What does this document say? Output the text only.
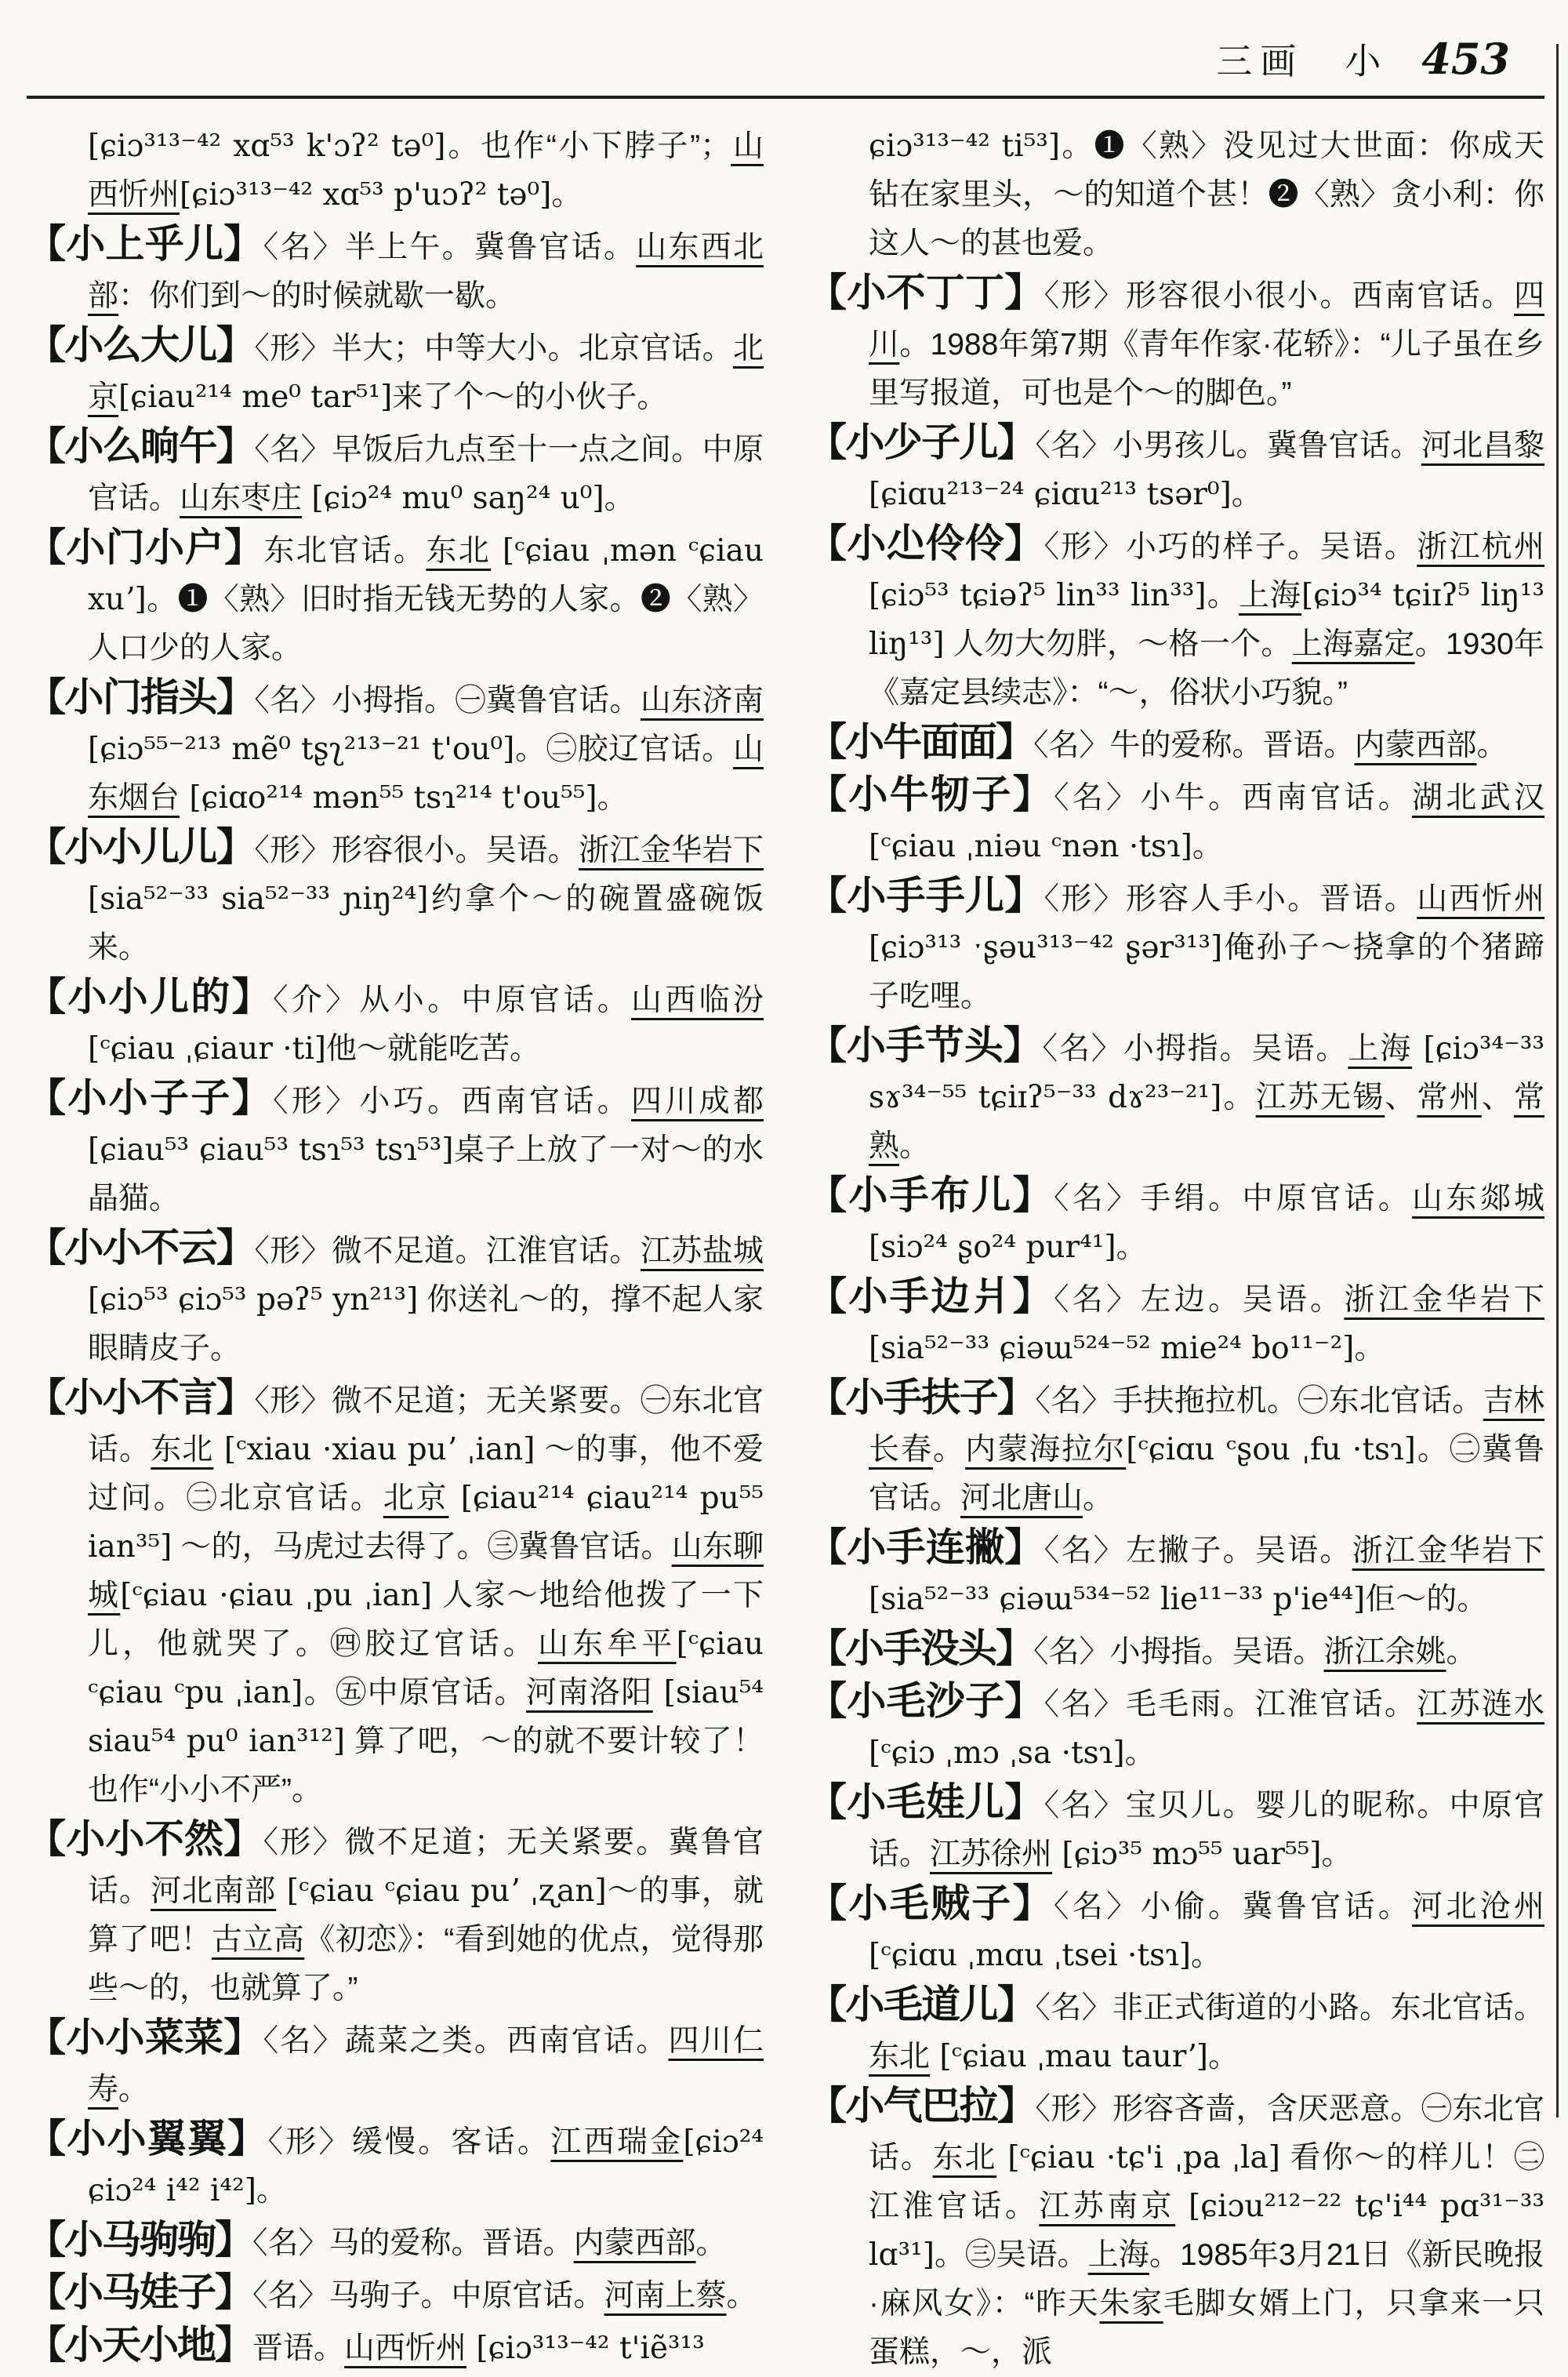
三画 小 453

[ɕiɔ³¹³⁻⁴² xɑ⁵³ k'ɔʔ² tə⁰]。也作“小下脖子”；山西忻州[ɕiɔ³¹³⁻⁴² xɑ⁵³ p'uɔʔ² tə⁰]。

【小上乎儿】〈名〉半上午。冀鲁官话。山东西北部：你们到～的时候就歇一歇。

【小么大儿】〈形〉半大；中等大小。北京官话。北京[ɕiau²¹⁴ me⁰ tar⁵¹]来了个～的小伙子。

【小么晌午】〈名〉早饭后九点至十一点之间。中原官话。山东枣庄 [ɕiɔ²⁴ mu⁰ saŋ²⁴ u⁰]。

【小门小户】东北官话。东北 [ᶜɕiau ˌmən ᶜɕiau xuʼ]。❶〈熟〉旧时指无钱无势的人家。❷〈熟〉人口少的人家。

【小门指头】〈名〉小拇指。㊀冀鲁官话。山东济南 [ɕiɔ⁵⁵⁻²¹³ mẽ⁰ tʂʅ²¹³⁻²¹ t'ou⁰]。㊁胶辽官话。山东烟台 [ɕiɑo²¹⁴ mən⁵⁵ tsɿ²¹⁴ t'ou⁵⁵]。

【小小儿儿】〈形〉形容很小。吴语。浙江金华岩下[sia⁵²⁻³³ sia⁵²⁻³³ ɲiŋ²⁴]约拿个～的碗置盛碗饭来。

【小小儿的】〈介〉从小。中原官话。山西临汾[ᶜɕiau ˌɕiaur ·ti]他～就能吃苦。

【小小子子】〈形〉小巧。西南官话。四川成都[ɕiau⁵³ ɕiau⁵³ tsɿ⁵³ tsɿ⁵³]桌子上放了一对～的水晶猫。

【小小不云】〈形〉微不足道。江淮官话。江苏盐城[ɕiɔ⁵³ ɕiɔ⁵³ pəʔ⁵ yn²¹³] 你送礼～的，撑不起人家眼睛皮子。

【小小不言】〈形〉微不足道；无关紧要。㊀东北官话。东北 [ᶜxiau ·xiau puʼ ˌian] ～的事，他不爱过问。㊁北京官话。北京 [ɕiau²¹⁴ ɕiau²¹⁴ pu⁵⁵ ian³⁵] ～的，马虎过去得了。㊂冀鲁官话。山东聊城[ᶜɕiau ·ɕiau ˌpu ˌian] 人家～地给他拨了一下儿，他就哭了。㊃胶辽官话。山东牟平[ᶜɕiau ᶜɕiau ᶜpu ˌian]。㊄中原官话。河南洛阳 [siau⁵⁴ siau⁵⁴ pu⁰ ian³¹²] 算了吧，～的就不要计较了！也作“小小不严”。

【小小不然】〈形〉微不足道；无关紧要。冀鲁官话。河北南部 [ᶜɕiau ᶜɕiau puʼ ˌʐan]～的事，就算了吧！古立高《初恋》：“看到她的优点，觉得那些～的，也就算了。”

【小小菜菜】〈名〉蔬菜之类。西南官话。四川仁寿。

【小小翼翼】〈形〉缓慢。客话。江西瑞金[ɕiɔ²⁴ ɕiɔ²⁴ i⁴² i⁴²]。

【小马驹驹】〈名〉马的爱称。晋语。内蒙西部。

【小马娃子】〈名〉马驹子。中原官话。河南上蔡。

【小天小地】晋语。山西忻州 [ɕiɔ³¹³⁻⁴² t'iẽ³¹³

ɕiɔ³¹³⁻⁴² ti⁵³]。❶〈熟〉没见过大世面：你成天钻在家里头，～的知道个甚！❷〈熟〉贪小利：你这人～的甚也爱。

【小不丁丁】〈形〉形容很小很小。西南官话。四川。1988年第7期《青年作家·花轿》：“儿子虽在乡里写报道，可也是个～的脚色。”

【小少子儿】〈名〉小男孩儿。冀鲁官话。河北昌黎 [ɕiɑu²¹³⁻²⁴ ɕiɑu²¹³ tsər⁰]。

【小尐伶伶】〈形〉小巧的样子。吴语。浙江杭州 [ɕiɔ⁵³ tɕiəʔ⁵ lin³³ lin³³]。上海[ɕiɔ³⁴ tɕiɪʔ⁵ liŋ¹³ liŋ¹³] 人勿大勿胖，～格一个。上海嘉定。1930年《嘉定县续志》：“～，俗状小巧貌。”

【小牛面面】〈名〉牛的爱称。晋语。内蒙西部。

【小牛牣子】〈名〉小牛。西南官话。湖北武汉 [ᶜɕiau ˌniəu ᶜnən ·tsɿ]。

【小手手儿】〈形〉形容人手小。晋语。山西忻州[ɕiɔ³¹³ ˑʂəu³¹³⁻⁴² ʂər³¹³]俺孙子～挠拿的个猪蹄子吃哩。

【小手节头】〈名〉小拇指。吴语。上海 [ɕiɔ³⁴⁻³³ sɤ³⁴⁻⁵⁵ tɕiɪʔ⁵⁻³³ dɤ²³⁻²¹]。江苏无锡、常州、常熟。

【小手布儿】〈名〉手绢。中原官话。山东郯城 [siɔ²⁴ ʂo²⁴ pur⁴¹]。

【小手边爿】〈名〉左边。吴语。浙江金华岩下 [sia⁵²⁻³³ ɕiəɯ⁵²⁴⁻⁵² mie²⁴ bo¹¹⁻²]。

【小手扶子】〈名〉手扶拖拉机。㊀东北官话。吉林长春。内蒙海拉尔[ᶜɕiɑu ᶜʂou ˌfu ·tsɿ]。㊁冀鲁官话。河北唐山。

【小手连撇】〈名〉左撇子。吴语。浙江金华岩下 [sia⁵²⁻³³ ɕiəɯ⁵³⁴⁻⁵² lie¹¹⁻³³ p'ie⁴⁴]佢～的。

【小手没头】〈名〉小拇指。吴语。浙江余姚。

【小毛沙子】〈名〉毛毛雨。江淮官话。江苏涟水[ᶜɕiɔ ˌmɔ ˌsa ·tsɿ]。

【小毛娃儿】〈名〉宝贝儿。婴儿的昵称。中原官话。江苏徐州 [ɕiɔ³⁵ mɔ⁵⁵ uar⁵⁵]。

【小毛贼子】〈名〉小偷。冀鲁官话。河北沧州[ᶜɕiɑu ˌmɑu ˌtsei ·tsɿ]。

【小毛道儿】〈名〉非正式街道的小路。东北官话。东北 [ᶜɕiau ˌmau taurʼ]。

【小气巴拉】〈形〉形容吝啬，含厌恶意。㊀东北官话。东北 [ᶜɕiau ·tɕ'i ˌpa ˌla] 看你～的样儿！㊁江淮官话。江苏南京 [ɕiɔu²¹²⁻²² tɕ'i⁴⁴ pɑ³¹⁻³³ lɑ³¹]。㊂吴语。上海。1985年3月21日《新民晚报·麻风女》：“昨天朱家毛脚女婿上门，只拿来一只蛋糕，～，派
